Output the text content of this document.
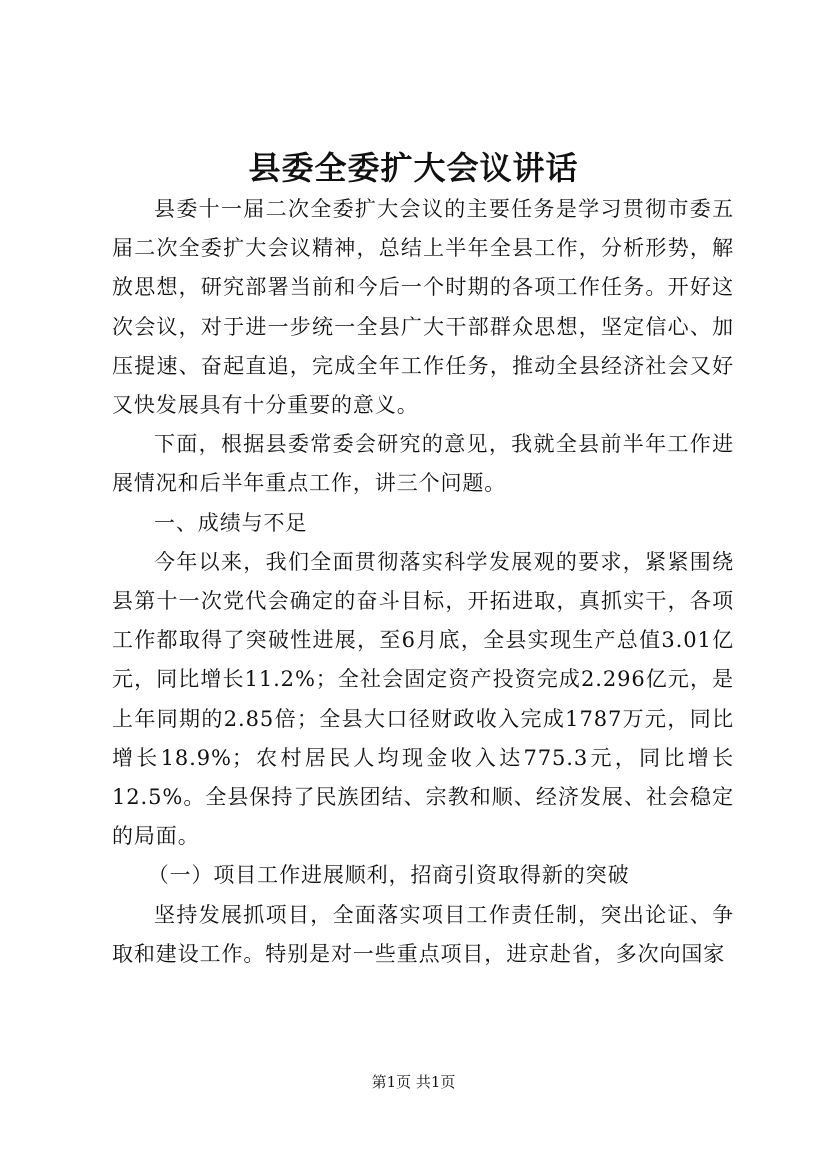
县委全委扩大会议讲话

县委十一届二次全委扩大会议的主要任务是学习贯彻市委五届二次全委扩大会议精神，总结上半年全县工作，分析形势，解放思想，研究部署当前和今后一个时期的各项工作任务。开好这次会议，对于进一步统一全县广大干部群众思想，坚定信心、加压提速、奋起直追，完成全年工作任务，推动全县经济社会又好又快发展具有十分重要的意义。

下面，根据县委常委会研究的意见，我就全县前半年工作进展情况和后半年重点工作，讲三个问题。

一、成绩与不足

今年以来，我们全面贯彻落实科学发展观的要求，紧紧围绕县第十一次党代会确定的奋斗目标，开拓进取，真抓实干，各项工作都取得了突破性进展，至6月底，全县实现生产总值3.01亿元，同比增长11.2%；全社会固定资产投资完成2.296亿元，是上年同期的2.85倍；全县大口径财政收入完成1787万元，同比增长18.9%；农村居民人均现金收入达775.3元，同比增长12.5%。全县保持了民族团结、宗教和顺、经济发展、社会稳定的局面。

（一）项目工作进展顺利，招商引资取得新的突破

坚持发展抓项目，全面落实项目工作责任制，突出论证、争取和建设工作。特别是对一些重点项目，进京赴省，多次向国家

第1页 共1页
